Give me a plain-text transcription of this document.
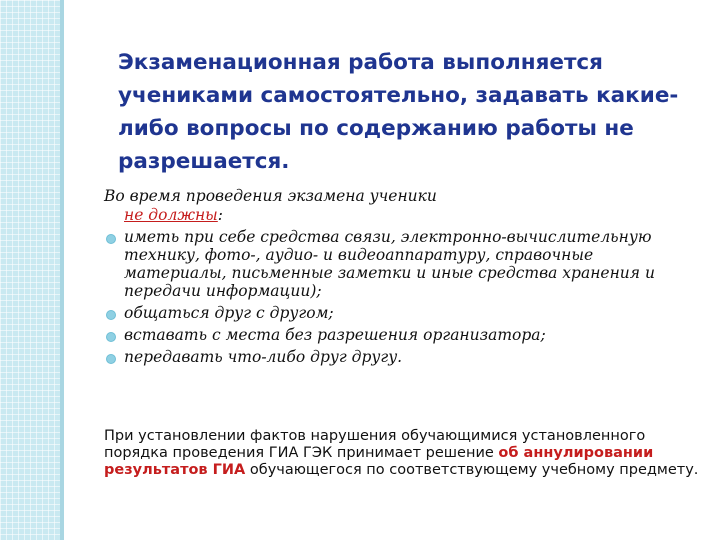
Экзаменационная работа выполняется учениками самостоятельно, задавать какие-либо вопросы по содержанию работы не разрешается.

Во время проведения экзамена ученики

не должны:
иметь при себе средства связи, электронно-вычислительную технику, фото-, аудио- и видеоаппаратуру, справочные материалы, письменные заметки и иные средства хранения и передачи информации);
общаться друг с другом;
вставать с места без разрешения организатора;
передавать что-либо друг другу.
При установлении фактов нарушения обучающимися установленного порядка проведения ГИА ГЭК принимает решение об аннулировании результатов ГИА обучающегося по соответствующему учебному предмету.
